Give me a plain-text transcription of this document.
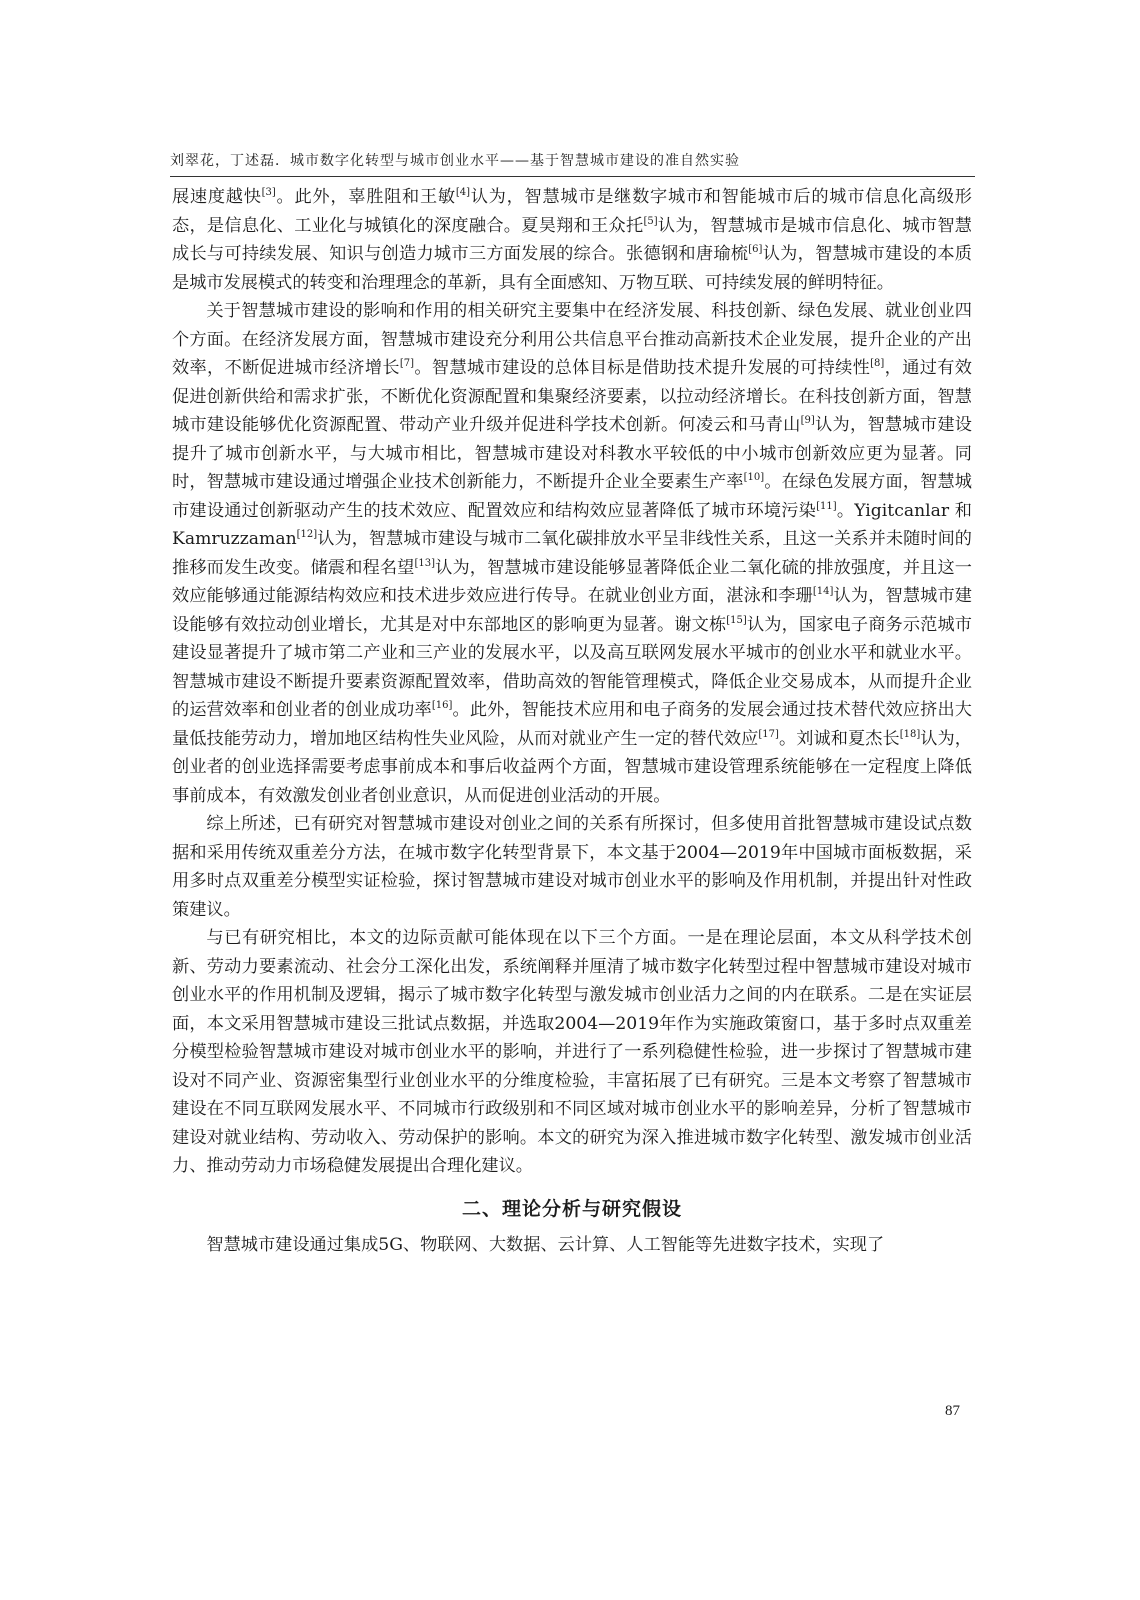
刘翠花，丁述磊．城市数字化转型与城市创业水平——基于智慧城市建设的准自然实验

展速度越快[3]。此外，辜胜阻和王敏[4]认为，智慧城市是继数字城市和智能城市后的城市信息化高级形态，是信息化、工业化与城镇化的深度融合。夏昊翔和王众托[5]认为，智慧城市是城市信息化、城市智慧成长与可持续发展、知识与创造力城市三方面发展的综合。张德钢和唐瑜梳[6]认为，智慧城市建设的本质是城市发展模式的转变和治理理念的革新，具有全面感知、万物互联、可持续发展的鲜明特征。

关于智慧城市建设的影响和作用的相关研究主要集中在经济发展、科技创新、绿色发展、就业创业四个方面。在经济发展方面，智慧城市建设充分利用公共信息平台推动高新技术企业发展，提升企业的产出效率，不断促进城市经济增长[7]。智慧城市建设的总体目标是借助技术提升发展的可持续性[8]，通过有效促进创新供给和需求扩张，不断优化资源配置和集聚经济要素，以拉动经济增长。在科技创新方面，智慧城市建设能够优化资源配置、带动产业升级并促进科学技术创新。何凌云和马青山[9]认为，智慧城市建设提升了城市创新水平，与大城市相比，智慧城市建设对科教水平较低的中小城市创新效应更为显著。同时，智慧城市建设通过增强企业技术创新能力，不断提升企业全要素生产率[10]。在绿色发展方面，智慧城市建设通过创新驱动产生的技术效应、配置效应和结构效应显著降低了城市环境污染[11]。Yigitcanlar 和 Kamruzzaman[12]认为，智慧城市建设与城市二氧化碳排放水平呈非线性关系，且这一关系并未随时间的推移而发生改变。储震和程名望[13]认为，智慧城市建设能够显著降低企业二氧化硫的排放强度，并且这一效应能够通过能源结构效应和技术进步效应进行传导。在就业创业方面，湛泳和李珊[14]认为，智慧城市建设能够有效拉动创业增长，尤其是对中东部地区的影响更为显著。谢文栋[15]认为，国家电子商务示范城市建设显著提升了城市第二产业和三产业的发展水平，以及高互联网发展水平城市的创业水平和就业水平。智慧城市建设不断提升要素资源配置效率，借助高效的智能管理模式，降低企业交易成本，从而提升企业的运营效率和创业者的创业成功率[16]。此外，智能技术应用和电子商务的发展会通过技术替代效应挤出大量低技能劳动力，增加地区结构性失业风险，从而对就业产生一定的替代效应[17]。刘诚和夏杰长[18]认为，创业者的创业选择需要考虑事前成本和事后收益两个方面，智慧城市建设管理系统能够在一定程度上降低事前成本，有效激发创业者创业意识，从而促进创业活动的开展。

综上所述，已有研究对智慧城市建设对创业之间的关系有所探讨，但多使用首批智慧城市建设试点数据和采用传统双重差分方法，在城市数字化转型背景下，本文基于2004—2019年中国城市面板数据，采用多时点双重差分模型实证检验，探讨智慧城市建设对城市创业水平的影响及作用机制，并提出针对性政策建议。

与已有研究相比，本文的边际贡献可能体现在以下三个方面。一是在理论层面，本文从科学技术创新、劳动力要素流动、社会分工深化出发，系统阐释并厘清了城市数字化转型过程中智慧城市建设对城市创业水平的作用机制及逻辑，揭示了城市数字化转型与激发城市创业活力之间的内在联系。二是在实证层面，本文采用智慧城市建设三批试点数据，并选取2004—2019年作为实施政策窗口，基于多时点双重差分模型检验智慧城市建设对城市创业水平的影响，并进行了一系列稳健性检验，进一步探讨了智慧城市建设对不同产业、资源密集型行业创业水平的分维度检验，丰富拓展了已有研究。三是本文考察了智慧城市建设在不同互联网发展水平、不同城市行政级别和不同区域对城市创业水平的影响差异，分析了智慧城市建设对就业结构、劳动收入、劳动保护的影响。本文的研究为深入推进城市数字化转型、激发城市创业活力、推动劳动力市场稳健发展提出合理化建议。

二、理论分析与研究假设

智慧城市建设通过集成5G、物联网、大数据、云计算、人工智能等先进数字技术，实现了

87
